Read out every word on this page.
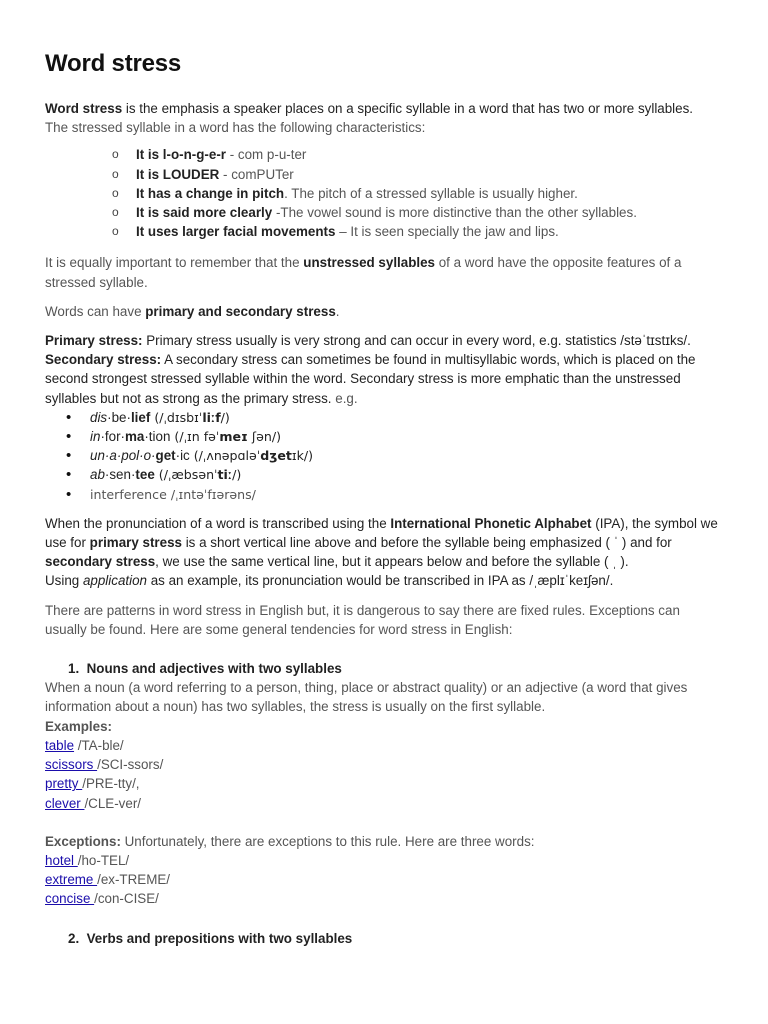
Word stress

Word stress is the emphasis a speaker places on a specific syllable in a word that has two or more syllables.

The stressed syllable in a word has the following characteristics:

o It is l-o-n-g-e-r - com p-u-ter
o It is LOUDER - comPUTer
o It has a change in pitch. The pitch of a stressed syllable is usually higher.
o It is said more clearly -The vowel sound is more distinctive than the other syllables.
o It uses larger facial movements – It is seen specially the jaw and lips.

It is equally important to remember that the unstressed syllables of a word have the opposite features of a stressed syllable.

Words can have primary and secondary stress.

Primary stress: Primary stress usually is very strong and can occur in every word, e.g. statistics /stəˈtɪstɪks/.

Secondary stress: A secondary stress can sometimes be found in multisyllabic words, which is placed on the second strongest stressed syllable within the word. Secondary stress is more emphatic than the unstressed syllables but not as strong as the primary stress. e.g.

• dis·be·lief (/ˌdɪsbɪˈliːf/)
• in·for·ma·tion (/ˌɪn fəˈmeɪ ʃən/)
• un·a·pol·o·get·ic (/ˌʌnəpɑləˈdʒetɪk/)
• ab·sen·tee (/ˌæbsənˈtiː/)
• interference /ˌɪntəˈfɪərəns/

When the pronunciation of a word is transcribed using the International Phonetic Alphabet (IPA), the symbol we use for primary stress is a short vertical line above and before the syllable being emphasized ( ˈ ) and for secondary stress, we use the same vertical line, but it appears below and before the syllable ( ˌ ).

Using application as an example, its pronunciation would be transcribed in IPA as /ˌæplɪˈkeɪʃən/.

There are patterns in word stress in English but, it is dangerous to say there are fixed rules. Exceptions can usually be found. Here are some general tendencies for word stress in English:

1.  Nouns and adjectives with two syllables

When a noun (a word referring to a person, thing, place or abstract quality) or an adjective (a word that gives information about a noun) has two syllables, the stress is usually on the first syllable.

Examples:

table /TA-ble/
scissors /SCI-ssors/
pretty /PRE-tty/,
clever /CLE-ver/

Exceptions: Unfortunately, there are exceptions to this rule. Here are three words:

hotel /ho-TEL/
extreme /ex-TREME/
concise /con-CISE/
2.  Verbs and prepositions with two syllables
